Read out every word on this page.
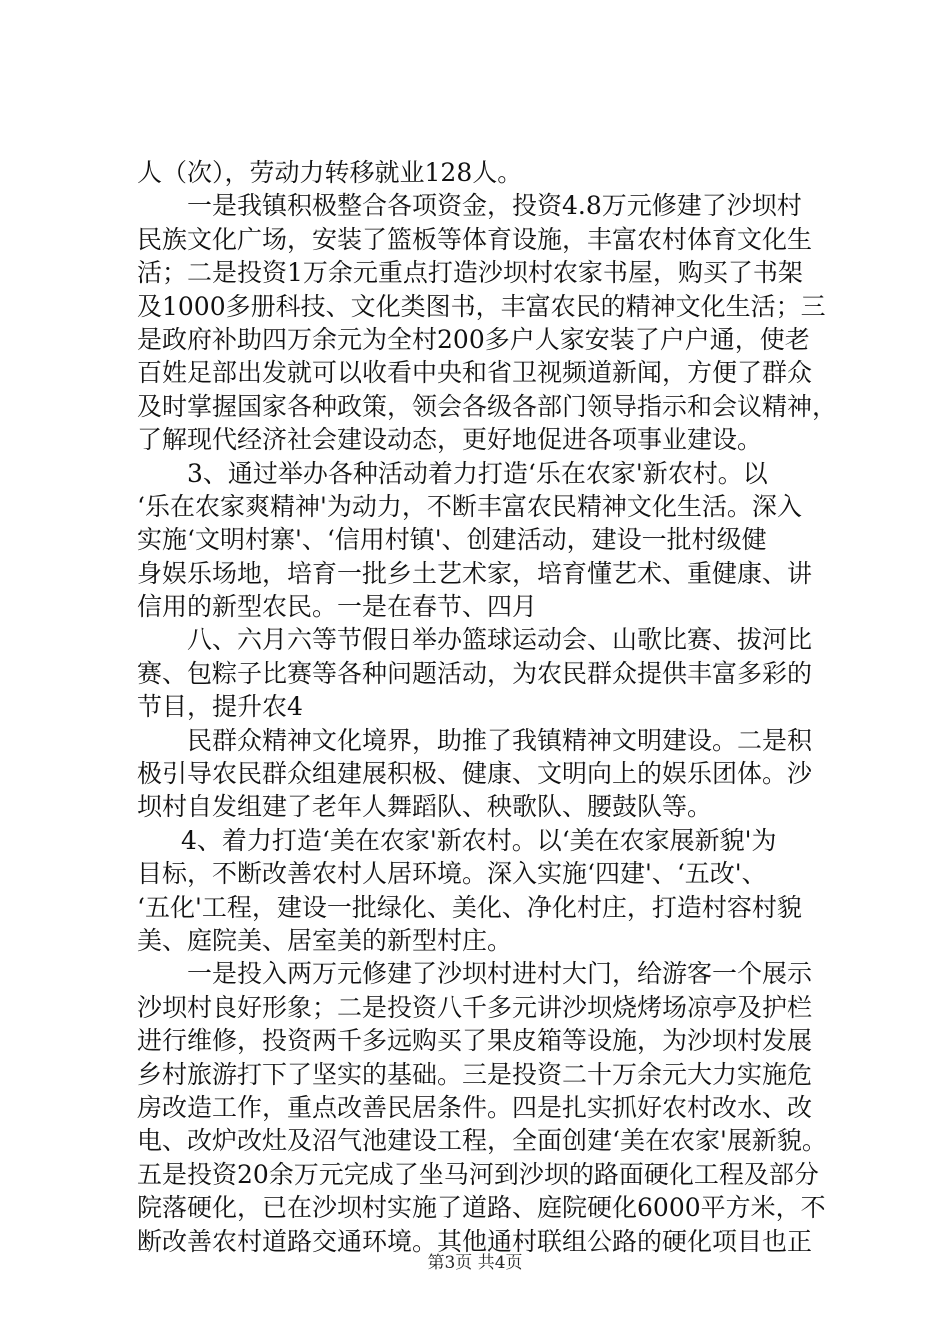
人（次），劳动力转移就业128人。
一是我镇积极整合各项资金，投资4.8万元修建了沙坝村
民族文化广场，安装了篮板等体育设施，丰富农村体育文化生
活；二是投资1万余元重点打造沙坝村农家书屋，购买了书架
及1000多册科技、文化类图书，丰富农民的精神文化生活；三
是政府补助四万余元为全村200多户人家安装了户户通，使老
百姓足部出发就可以收看中央和省卫视频道新闻，方便了群众
及时掌握国家各种政策，领会各级各部门领导指示和会议精神，
了解现代经济社会建设动态，更好地促进各项事业建设。
3、通过举办各种活动着力打造‘乐在农家'新农村。以
‘乐在农家爽精神'为动力，不断丰富农民精神文化生活。深入
实施‘文明村寨'、‘信用村镇'、创建活动，建设一批村级健
身娱乐场地，培育一批乡土艺术家，培育懂艺术、重健康、讲
信用的新型农民。一是在春节、四月
八、六月六等节假日举办篮球运动会、山歌比赛、拔河比
赛、包粽子比赛等各种问题活动，为农民群众提供丰富多彩的
节目，提升农4
民群众精神文化境界，助推了我镇精神文明建设。二是积
极引导农民群众组建展积极、健康、文明向上的娱乐团体。沙
坝村自发组建了老年人舞蹈队、秧歌队、腰鼓队等。
4、着力打造‘美在农家'新农村。以‘美在农家展新貌'为
目标，不断改善农村人居环境。深入实施‘四建'、‘五改'、
‘五化'工程，建设一批绿化、美化、净化村庄，打造村容村貌
美、庭院美、居室美的新型村庄。
一是投入两万元修建了沙坝村进村大门，给游客一个展示
沙坝村良好形象；二是投资八千多元讲沙坝烧烤场凉亭及护栏
进行维修，投资两千多远购买了果皮箱等设施，为沙坝村发展
乡村旅游打下了坚实的基础。三是投资二十万余元大力实施危
房改造工作，重点改善民居条件。四是扎实抓好农村改水、改
电、改炉改灶及沼气池建设工程，全面创建‘美在农家'展新貌。
五是投资20余万元完成了坐马河到沙坝的路面硬化工程及部分
院落硬化，已在沙坝村实施了道路、庭院硬化6000平方米，不
断改善农村道路交通环境。其他通村联组公路的硬化项目也正
第3页 共4页
